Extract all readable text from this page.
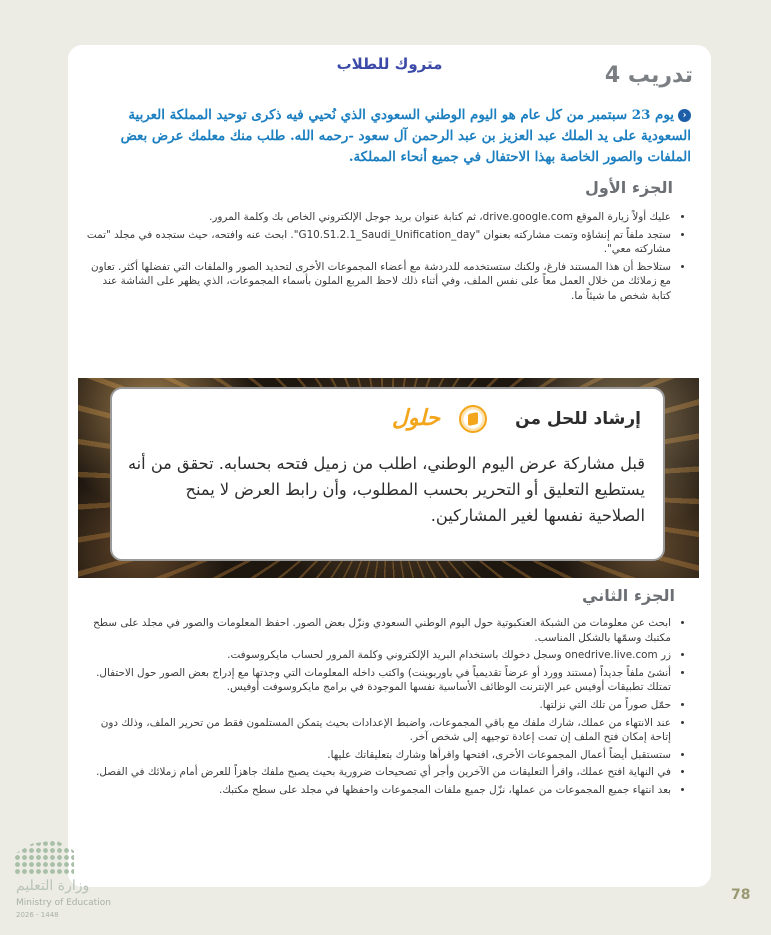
متروك للطلاب	تدريب 4
‹يوم 23 سبتمبر من كل عام هو اليوم الوطني السعودي الذي نُحيي فيه ذكرى توحيد المملكة العربية السعودية على يد الملك عبد العزيز بن عبد الرحمن آل سعود -رحمه الله. طلب منك معلمك عرض بعض الملفات والصور الخاصة بهذا الاحتفال في جميع أنحاء المملكة.
الجزء الأول
• عليك أولاً زيارة الموقع drive.google.com، ثم كتابة عنوان بريد جوجل الإلكتروني الخاص بك وكلمة المرور.
• ستجد ملفاً تم إنشاؤه وتمت مشاركته بعنوان "G10.S1.2.1_Saudi_Unification_day". ابحث عنه وافتحه، حيث ستجده في مجلد "تمت مشاركته معي".
• ستلاحظ أن هذا المستند فارغ، ولكنك ستستخدمه للدردشة مع أعضاء المجموعات الأخرى لتحديد الصور والملفات التي تفضلها أكثر. تعاون مع زملائك من خلال العمل معاً على نفس الملف، وفي أثناء ذلك لاحظ المربع الملون بأسماء المجموعات، الذي يظهر على الشاشة عند كتابة شخص ما شيئاً ما.
إرشاد للحل من
حلول
قبل مشاركة عرض اليوم الوطني، اطلب من زميل فتحه بحسابه. تحقق من أنه يستطيع التعليق أو التحرير بحسب المطلوب، وأن رابط العرض لا يمنح الصلاحية نفسها لغير المشاركين.
الجزء الثاني
• ابحث عن معلومات من الشبكة العنكبوتية حول اليوم الوطني السعودي ونزّل بعض الصور. احفظ المعلومات والصور في مجلد على سطح مكتبك وسمّها بالشكل المناسب.
• زر onedrive.live.com وسجل دخولك باستخدام البريد الإلكتروني وكلمة المرور لحساب مايكروسوفت.
• أنشئ ملفاً جديداً (مستند وورد أو عرضاً تقديمياً في باوربوينت) واكتب داخله المعلومات التي وجدتها مع إدراج بعض الصور حول الاحتفال. تمتلك تطبيقات أوفيس عبر الإنترنت الوظائف الأساسية نفسها الموجودة في برامج مايكروسوفت أوفيس.
• حمّل صوراً من تلك التي نزلتها.
• عند الانتهاء من عملك، شارك ملفك مع باقي المجموعات، واضبط الإعدادات بحيث يتمكن المستلمون فقط من تحرير الملف، وذلك دون إتاحة إمكان فتح الملف إن تمت إعادة توجيهه إلى شخص آخر.
• ستستقبل أيضاً أعمال المجموعات الأخرى، افتحها واقرأها وشارك بتعليقاتك عليها.
• في النهاية افتح عملك، واقرأ التعليقات من الآخرين وأجر أي تصحيحات ضرورية بحيث يصبح ملفك جاهزاً للعرض أمام زملائك في الفصل.
• بعد انتهاء جميع المجموعات من عملها، نزّل جميع ملفات المجموعات واحفظها في مجلد على سطح مكتبك.
وزارة التعليم
Ministry of Education
2026 - 1448
78
